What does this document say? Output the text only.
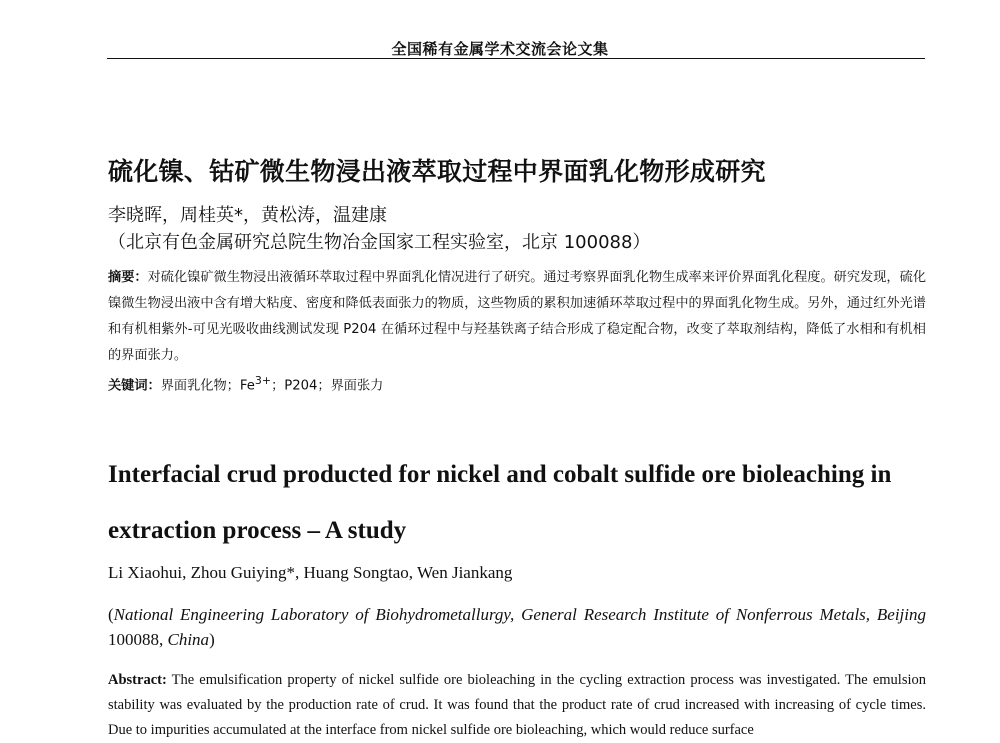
全国稀有金属学术交流会论文集
硫化镍、钴矿微生物浸出液萃取过程中界面乳化物形成研究
李晓晖，周桂英*，黄松涛，温建康
（北京有色金属研究总院生物冶金国家工程实验室，北京 100088）
摘要：对硫化镍矿微生物浸出液循环萃取过程中界面乳化情况进行了研究。通过考察界面乳化物生成率来评价界面乳化程度。研究发现，硫化镍微生物浸出液中含有增大粘度、密度和降低表面张力的物质，这些物质的累积加速循环萃取过程中的界面乳化物生成。另外，通过红外光谱和有机相紫外-可见光吸收曲线测试发现 P204 在循环过程中与羟基铁离子结合形成了稳定配合物，改变了萃取剂结构，降低了水相和有机相的界面张力。
关键词：界面乳化物；$Fe^{3+}$；P204；界面张力
Interfacial crud producted for nickel and cobalt sulfide ore bioleaching in extraction process – A study
Li Xiaohui, Zhou Guiying*, Huang Songtao, Wen Jiankang
(National Engineering Laboratory of Biohydrometallurgy, General Research Institute of Nonferrous Metals, Beijing 100088, China)
Abstract: The emulsification property of nickel sulfide ore bioleaching in the cycling extraction process was investigated. The emulsion stability was evaluated by the production rate of crud. It was found that the product rate of crud increased with increasing of cycle times. Due to impurities accumulated at the interface from nickel sulfide ore bioleaching, which would reduce surface
